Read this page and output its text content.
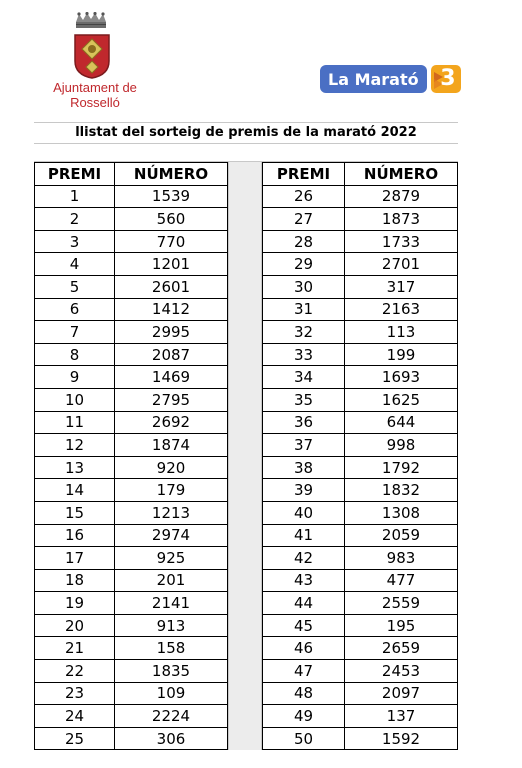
Ajuntament de
Rosselló
La Marató 3
llistat del sorteig de premis de la marató 2022
PREMI	NÚMERO
1	1539
2	560
3	770
4	1201
5	2601
6	1412
7	2995
8	2087
9	1469
10	2795
11	2692
12	1874
13	920
14	179
15	1213
16	2974
17	925
18	201
19	2141
20	913
21	158
22	1835
23	109
24	2224
25	306
PREMI	NÚMERO
26	2879
27	1873
28	1733
29	2701
30	317
31	2163
32	113
33	199
34	1693
35	1625
36	644
37	998
38	1792
39	1832
40	1308
41	2059
42	983
43	477
44	2559
45	195
46	2659
47	2453
48	2097
49	137
50	1592
